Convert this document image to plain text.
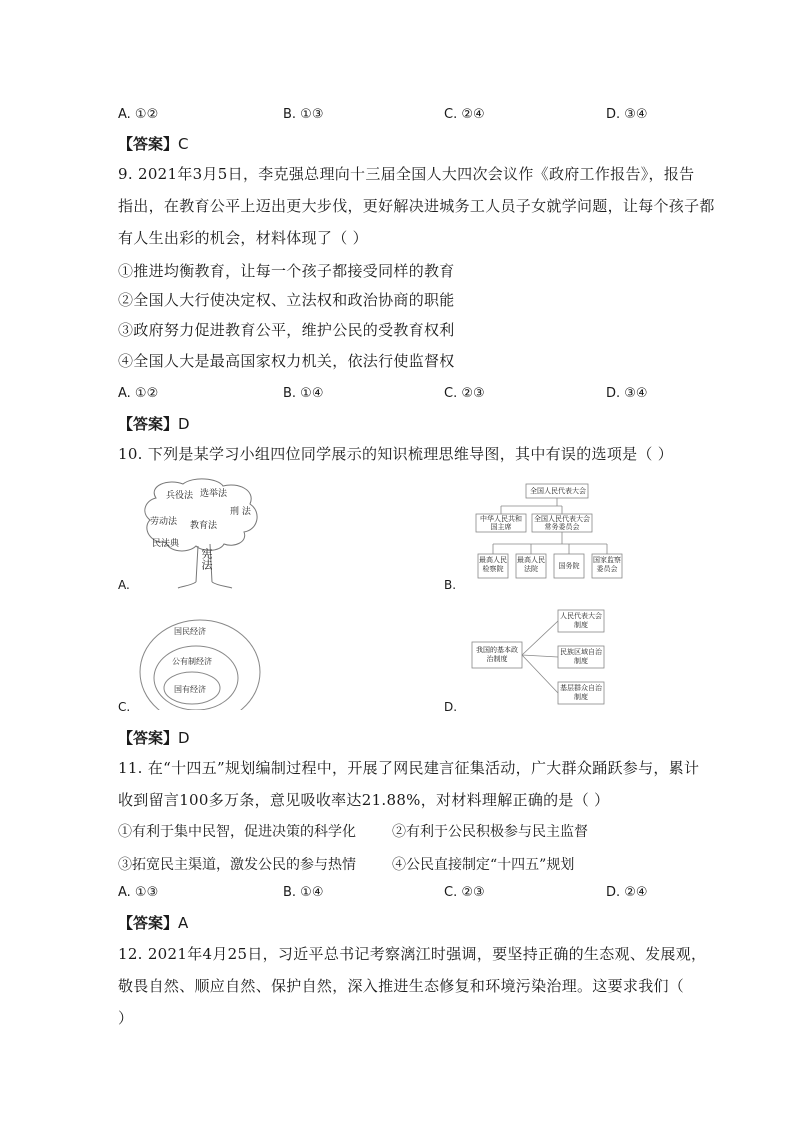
A. ①②	B. ①③	C. ②④	D. ③④
【答案】C
9. 2021年3月5日，李克强总理向十三届全国人大四次会议作《政府工作报告》，报告
指出，在教育公平上迈出更大步伐，更好解决进城务工人员子女就学问题，让每个孩子都
有人生出彩的机会，材料体现了（ ）
①推进均衡教育，让每一个孩子都接受同样的教育
②全国人大行使决定权、立法权和政治协商的职能
③政府努力促进教育公平，维护公民的受教育权利
④全国人大是最高国家权力机关，依法行使监督权
A. ①②	B. ①④	C. ②③	D. ③④
【答案】D
10. 下列是某学习小组四位同学展示的知识梳理思维导图，其中有误的选项是（ ）
兵役法 选举法
劳动法
刑 法
教育法
民法典
宪法
A.
全国人民代表大会
中华人民共和国主席
全国人民代表大会常务委员会
最高人民检察院
最高人民法院	国务院
国家监察委员会
B.
国民经济
公有制经济
国有经济
C.
我国的基本政治制度
人民代表大会制度
民族区域自治制度
基层群众自治制度
D.
【答案】D
11. 在“十四五”规划编制过程中，开展了网民建言征集活动，广大群众踊跃参与，累计
收到留言100多万条，意见吸收率达21.88%，对材料理解正确的是（ ）
①有利于集中民智，促进决策的科学化	②有利于公民积极参与民主监督
③拓宽民主渠道，激发公民的参与热情	④公民直接制定“十四五”规划
A. ①③	B. ①④	C. ②③	D. ②④
【答案】A
12. 2021年4月25日，习近平总书记考察漓江时强调，要坚持正确的生态观、发展观，
敬畏自然、顺应自然、保护自然，深入推进生态修复和环境污染治理。这要求我们（
）
